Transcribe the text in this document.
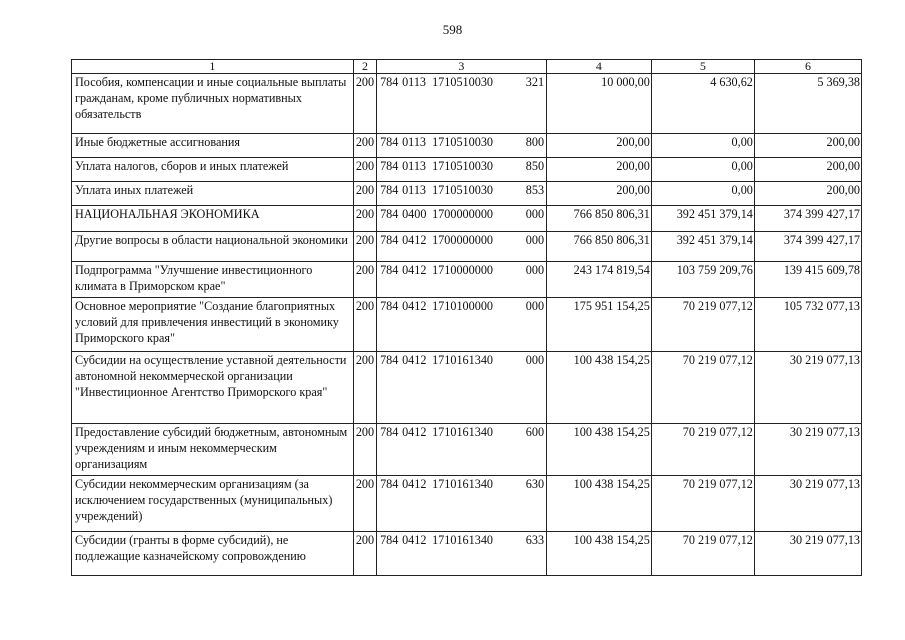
598
1	2	3	4	5	6
Пособия, компенсации и иные социальные выплаты гражданам, кроме публичных нормативных обязательств	200	784 0113 1710510030 321	10 000,00	4 630,62	5 369,38
Иные бюджетные ассигнования	200	784 0113 1710510030 800	200,00	0,00	200,00
Уплата налогов, сборов и иных платежей	200	784 0113 1710510030 850	200,00	0,00	200,00
Уплата иных платежей	200	784 0113 1710510030 853	200,00	0,00	200,00
НАЦИОНАЛЬНАЯ ЭКОНОМИКА	200	784 0400 1700000000 000	766 850 806,31	392 451 379,14	374 399 427,17
Другие вопросы в области национальной экономики	200	784 0412 1700000000 000	766 850 806,31	392 451 379,14	374 399 427,17
Подпрограмма "Улучшение инвестиционного климата в Приморском крае"	200	784 0412 1710000000 000	243 174 819,54	103 759 209,76	139 415 609,78
Основное мероприятие "Создание благоприятных условий для привлечения инвестиций в экономику Приморского края"	200	784 0412 1710100000 000	175 951 154,25	70 219 077,12	105 732 077,13
Субсидии на осуществление уставной деятельности автономной некоммерческой организации "Инвестиционное Агентство Приморского края"	200	784 0412 1710161340 000	100 438 154,25	70 219 077,12	30 219 077,13
Предоставление субсидий бюджетным, автономным учреждениям и иным некоммерческим организациям	200	784 0412 1710161340 600	100 438 154,25	70 219 077,12	30 219 077,13
Субсидии некоммерческим организациям (за исключением государственных (муниципальных) учреждений)	200	784 0412 1710161340 630	100 438 154,25	70 219 077,12	30 219 077,13
Субсидии (гранты в форме субсидий), не подлежащие казначейскому сопровождению	200	784 0412 1710161340 633	100 438 154,25	70 219 077,12	30 219 077,13
